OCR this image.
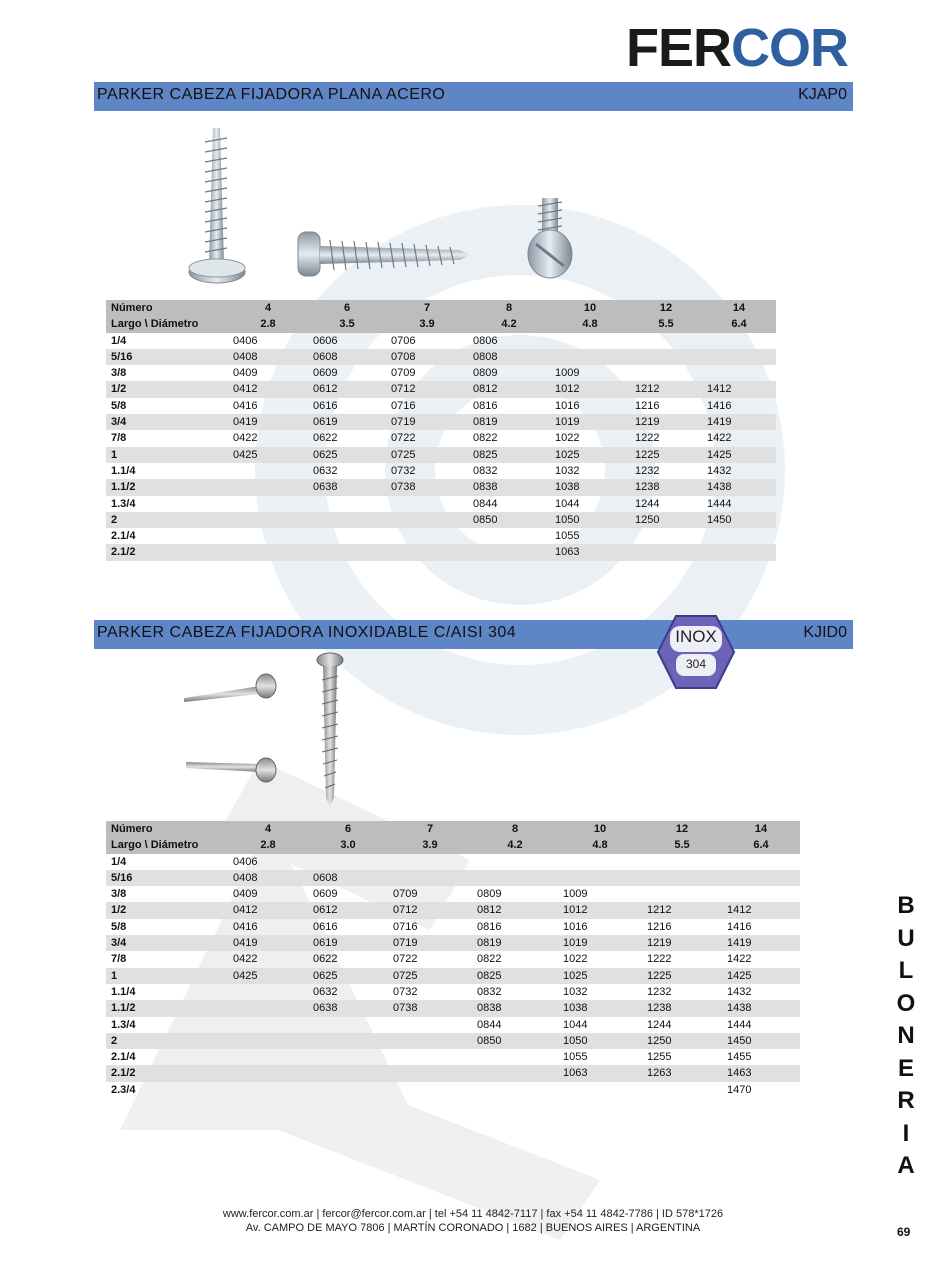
FERCOR
PARKER CABEZA FIJADORA PLANA ACERO	KJAP0
Número	4	6	7	8	10	12	14
Largo \ Diámetro	2.8	3.5	3.9	4.2	4.8	5.5	6.4
1/4	0406	0606	0706	0806			
5/16	0408	0608	0708	0808			
3/8	0409	0609	0709	0809	1009		
1/2	0412	0612	0712	0812	1012	1212	1412
5/8	0416	0616	0716	0816	1016	1216	1416
3/4	0419	0619	0719	0819	1019	1219	1419
7/8	0422	0622	0722	0822	1022	1222	1422
1	0425	0625	0725	0825	1025	1225	1425
1.1/4		0632	0732	0832	1032	1232	1432
1.1/2		0638	0738	0838	1038	1238	1438
1.3/4				0844	1044	1244	1444
2				0850	1050	1250	1450
2.1/4					1055		
2.1/2					1063		
PARKER CABEZA FIJADORA INOXIDABLE C/AISI 304	KJID0
INOX
304
Número	4	6	7	8	10	12	14
Largo \ Diámetro	2.8	3.0	3.9	4.2	4.8	5.5	6.4
1/4	0406						
5/16	0408	0608					
3/8	0409	0609	0709	0809	1009		
1/2	0412	0612	0712	0812	1012	1212	1412
5/8	0416	0616	0716	0816	1016	1216	1416
3/4	0419	0619	0719	0819	1019	1219	1419
7/8	0422	0622	0722	0822	1022	1222	1422
1	0425	0625	0725	0825	1025	1225	1425
1.1/4		0632	0732	0832	1032	1232	1432
1.1/2		0638	0738	0838	1038	1238	1438
1.3/4				0844	1044	1244	1444
2				0850	1050	1250	1450
2.1/4					1055	1255	1455
2.1/2					1063	1263	1463
2.3/4							1470
B
U
L
O
N
E
R
I
A
www.fercor.com.ar | fercor@fercor.com.ar | tel +54 11 4842-7117 | fax +54 11 4842-7786 | ID 578*1726
Av. CAMPO DE MAYO 7806 | MARTÍN CORONADO | 1682 | BUENOS AIRES | ARGENTINA	69
